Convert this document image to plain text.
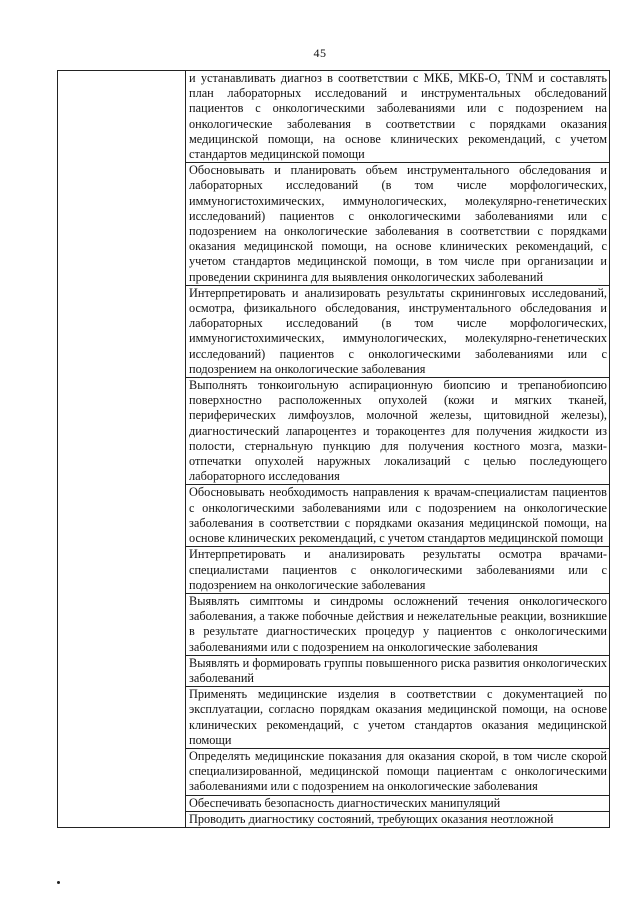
45

и устанавливать диагноз в соответствии с МКБ, МКБ-О, TNM и составлять план лабораторных исследований и инструментальных обследований пациентов с онкологическими заболеваниями или с подозрением на онкологические заболевания в соответствии с порядками оказания медицинской помощи, на основе клинических рекомендаций, с учетом стандартов медицинской помощи

Обосновывать и планировать объем инструментального обследования и лабораторных исследований (в том числе морфологических, иммуногистохимических, иммунологических, молекулярно-генетических исследований) пациентов с онкологическими заболеваниями или с подозрением на онкологические заболевания в соответствии с порядками оказания медицинской помощи, на основе клинических рекомендаций, с учетом стандартов медицинской помощи, в том числе при организации и проведении скрининга для выявления онкологических заболеваний

Интерпретировать и анализировать результаты скрининговых исследований, осмотра, физикального обследования, инструментального обследования и лабораторных исследований (в том числе морфологических, иммуногистохимических, иммунологических, молекулярно-генетических исследований) пациентов с онкологическими заболеваниями или с подозрением на онкологические заболевания

Выполнять тонкоигольную аспирационную биопсию и трепанобиопсию поверхностно расположенных опухолей (кожи и мягких тканей, периферических лимфоузлов, молочной железы, щитовидной железы), диагностический лапароцентез и торакоцентез для получения жидкости из полости, стернальную пункцию для получения костного мозга, мазки-отпечатки опухолей наружных локализаций с целью последующего лабораторного исследования

Обосновывать необходимость направления к врачам-специалистам пациентов с онкологическими заболеваниями или с подозрением на онкологические заболевания в соответствии с порядками оказания медицинской помощи, на основе клинических рекомендаций, с учетом стандартов медицинской помощи

Интерпретировать и анализировать результаты осмотра врачами-специалистами пациентов с онкологическими заболеваниями или с подозрением на онкологические заболевания

Выявлять симптомы и синдромы осложнений течения онкологического заболевания, а также побочные действия и нежелательные реакции, возникшие в результате диагностических процедур у пациентов с онкологическими заболеваниями или с подозрением на онкологические заболевания

Выявлять и формировать группы повышенного риска развития онкологических заболеваний

Применять медицинские изделия в соответствии с документацией по эксплуатации, согласно порядкам оказания медицинской помощи, на основе клинических рекомендаций, с учетом стандартов оказания медицинской помощи

Определять медицинские показания для оказания скорой, в том числе скорой специализированной, медицинской помощи пациентам с онкологическими заболеваниями или с подозрением на онкологические заболевания

Обеспечивать безопасность диагностических манипуляций

Проводить диагностику состояний, требующих оказания неотложной
